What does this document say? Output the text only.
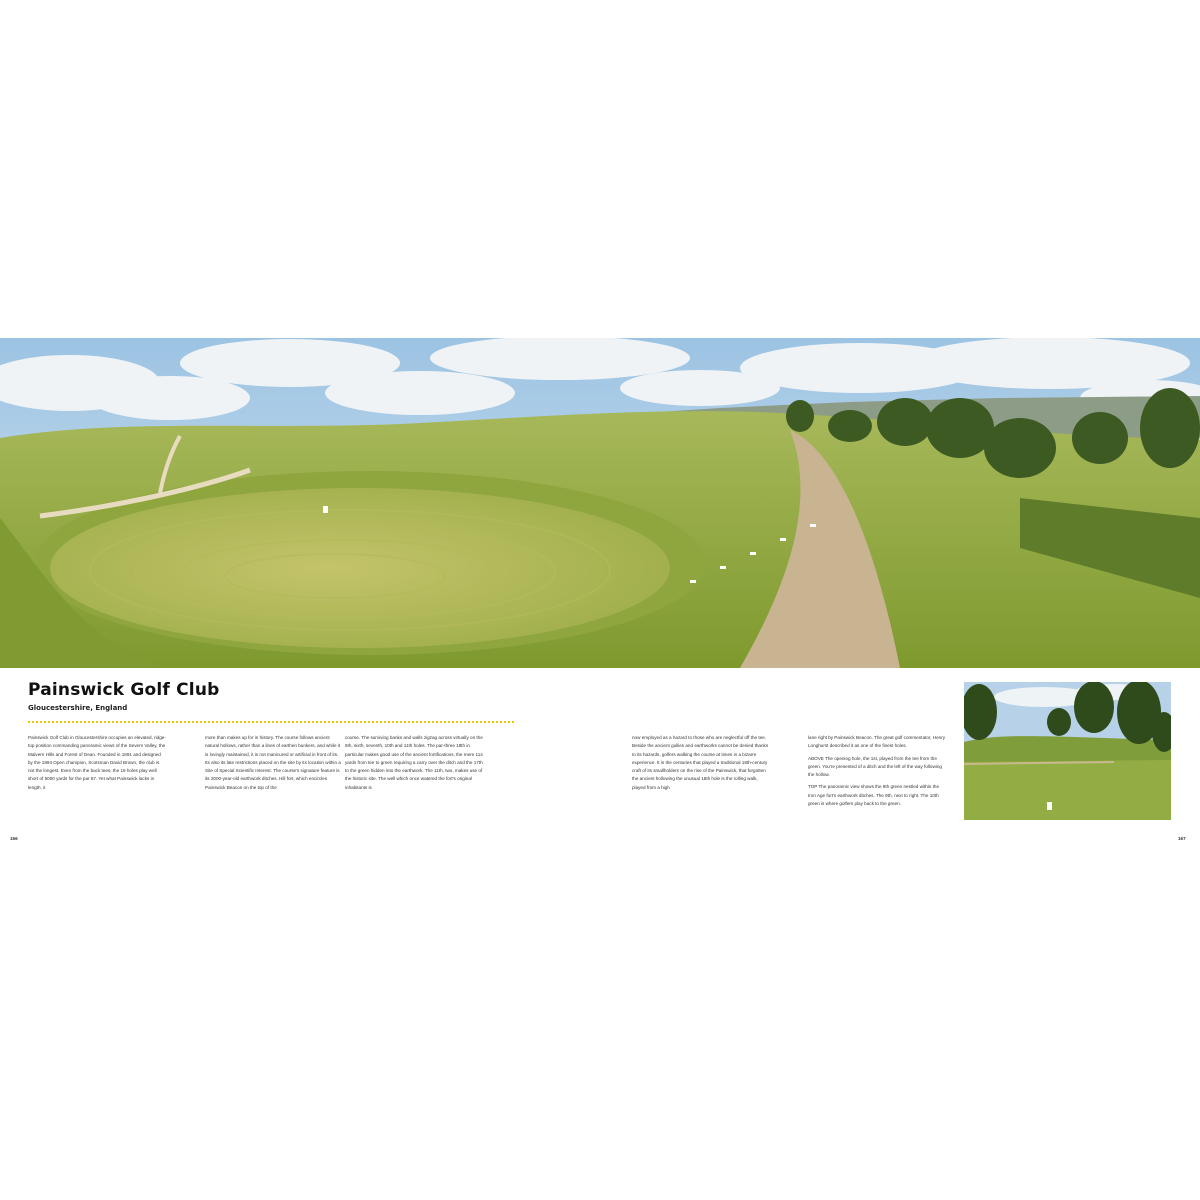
Painswick Golf Club
Gloucestershire, England

Painswick Golf Club in Gloucestershire occupies an elevated, ridge-top position commanding panoramic views of the Severn Valley, the Malvern Hills and Forest of Dean. Founded in 1891 and designed by the 1894 Open champion, Scotsman David Brown, the club is not the longest. Even from the back tees, the 19 holes play well short of 5000 yards for the par 67. Yet what Painswick lacks in length, it

more than makes up for in history. The course follows ancient natural hollows, rather than a lines of earthen bunkers, and while it is lovingly maintained, it is not manicured or artificial in front of its. Its also its late restrictions placed on the site by its location within a Site of Special Scientific Interest. The course's signature feature is its 2000-year-old earthwork ditches. Hill fort, which encircles Painswick Beacon on the top of the

course. The surviving banks and walls zigzag across virtually on the 6th, sixth, seventh, 10th and 11th holes. The par-three 18th in particular makes good use of the ancient fortifications, the mere 114 yards from tee to green requiring a carry over the ditch and the 17th to the green hidden into the earthwork. The 11th, two, makes use of the historic site. The well which once watered the fort's original inhabitants is

now employed as a hazard to those who are neglectful off the tee. Beside the ancient gullies and earthworks cannot be denied thanks to its hazards, golfers walking the course at times in a bizarre experience. It is the centuries that played a traditional 18th-century craft of its smallholders on the rise of the Painswick, that forgotten the ancient hollowing the unusual 18th hole is the rolling walk, played from a high

lane right by Painswick Beacon. The great golf commentator, Henry Longhurst described it as one of the finest holes.

ABOVE The opening hole, the 1st, played from the tee from the green. You're presented of a ditch and the left of the way following the hollow.

TOP The panoramic view shows the 9th green nestled within the Iron Age fort's earthwork ditches. The 9th, next to right. The 10th green is where golfers play back to the green.

166	167
